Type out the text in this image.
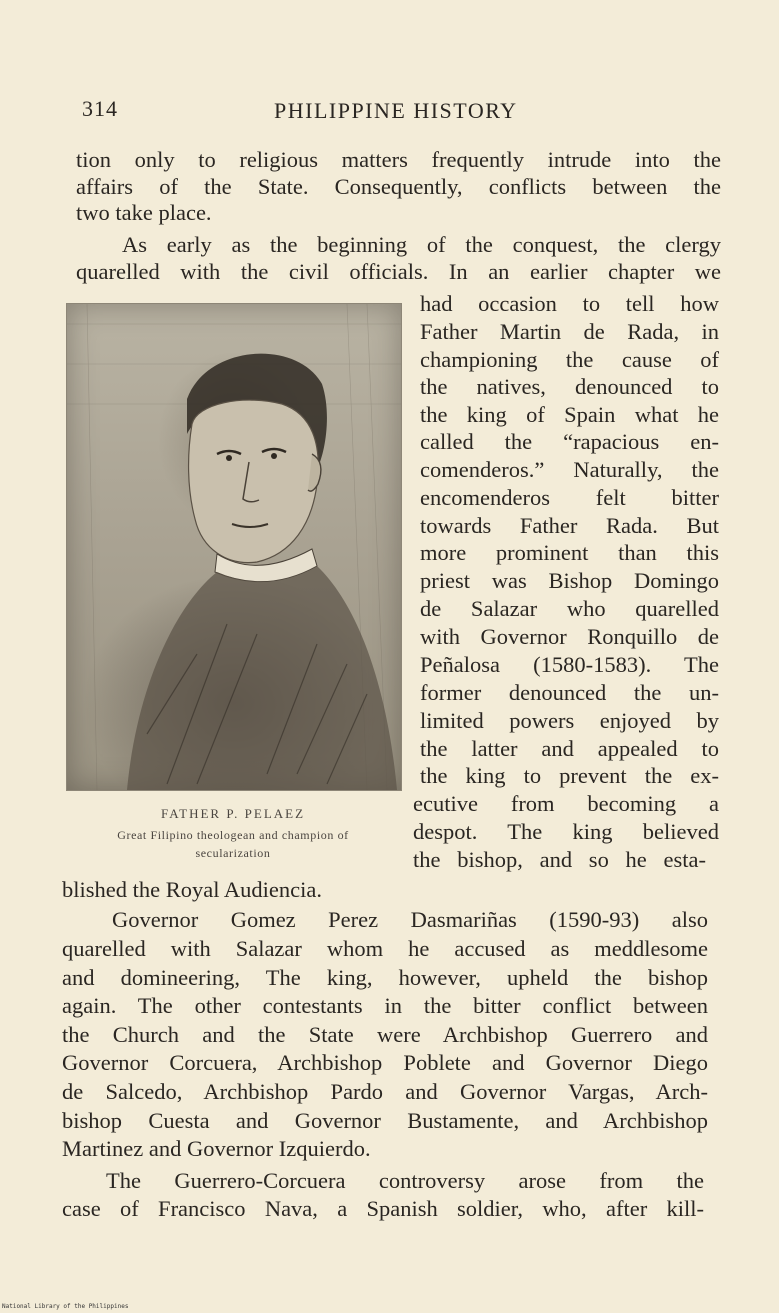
314	PHILIPPINE HISTORY
tion only to religious matters frequently intrude into the
affairs of the State. Consequently, conflicts between the
two take place.
As early as the beginning of the conquest, the clergy
quarelled with the civil officials. In an earlier chapter we
FATHER P. PELAEZ
Great Filipino theologean and champion of
secularization
had occasion to tell how
Father Martin de Rada, in
championing the cause of
the natives, denounced to
the king of Spain what he
called the “rapacious en-
comenderos.” Naturally, the
encomenderos felt bitter
towards Father Rada. But
more prominent than this
priest was Bishop Domingo
de Salazar who quarelled
with Governor Ronquillo de
Peñalosa (1580-1583). The
former denounced the un-
limited powers enjoyed by
the latter and appealed to
the king to prevent the ex-
ecutive from becoming a
despot. The king believed
the bishop, and so he esta-
blished the Royal Audiencia.
Governor Gomez Perez Dasmariñas (1590-93) also
quarelled with Salazar whom he accused as meddlesome
and domineering, The king, however, upheld the bishop
again. The other contestants in the bitter conflict between
the Church and the State were Archbishop Guerrero and
Governor Corcuera, Archbishop Poblete and Governor Diego
de Salcedo, Archbishop Pardo and Governor Vargas, Arch-
bishop Cuesta and Governor Bustamente, and Archbishop
Martinez and Governor Izquierdo.
The Guerrero-Corcuera controversy arose from the
case of Francisco Nava, a Spanish soldier, who, after kill-
National Library of the Philippines
